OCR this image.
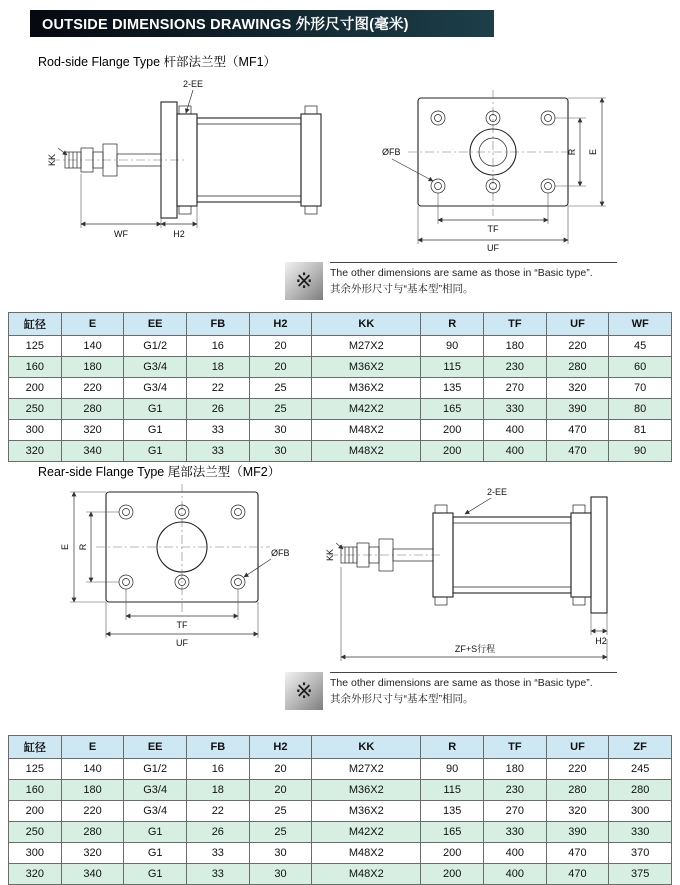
OUTSIDE DIMENSIONS DRAWINGS 外形尺寸图(毫米)
Rod-side Flange Type 杆部法兰型（MF1）
2-EE
KK
WF	H2
ØFB	R E
TF
UF
※ The other dimensions are same as those in “Basic type”.
其余外形尺寸与“基本型”相同。
缸径	E	EE	FB	H2	KK	R	TF	UF	WF
125	140	G1/2	16	20	M27X2	90	180	220	45
160	180	G3/4	18	20	M36X2	115	230	280	60
200	220	G3/4	22	25	M36X2	135	270	320	70
250	280	G1	26	25	M42X2	165	330	390	80
300	320	G1	33	30	M48X2	200	400	470	81
320	340	G1	33	30	M48X2	200	400	470	90
Rear-side Flange Type 尾部法兰型（MF2）
E R
ØFB
TF
UF
2-EE
KK
H2
ZF+S行程
※ The other dimensions are same as those in “Basic type”.
其余外形尺寸与“基本型”相同。
缸径	E	EE	FB	H2	KK	R	TF	UF	ZF
125	140	G1/2	16	20	M27X2	90	180	220	245
160	180	G3/4	18	20	M36X2	115	230	280	280
200	220	G3/4	22	25	M36X2	135	270	320	300
250	280	G1	26	25	M42X2	165	330	390	330
300	320	G1	33	30	M48X2	200	400	470	370
320	340	G1	33	30	M48X2	200	400	470	375
